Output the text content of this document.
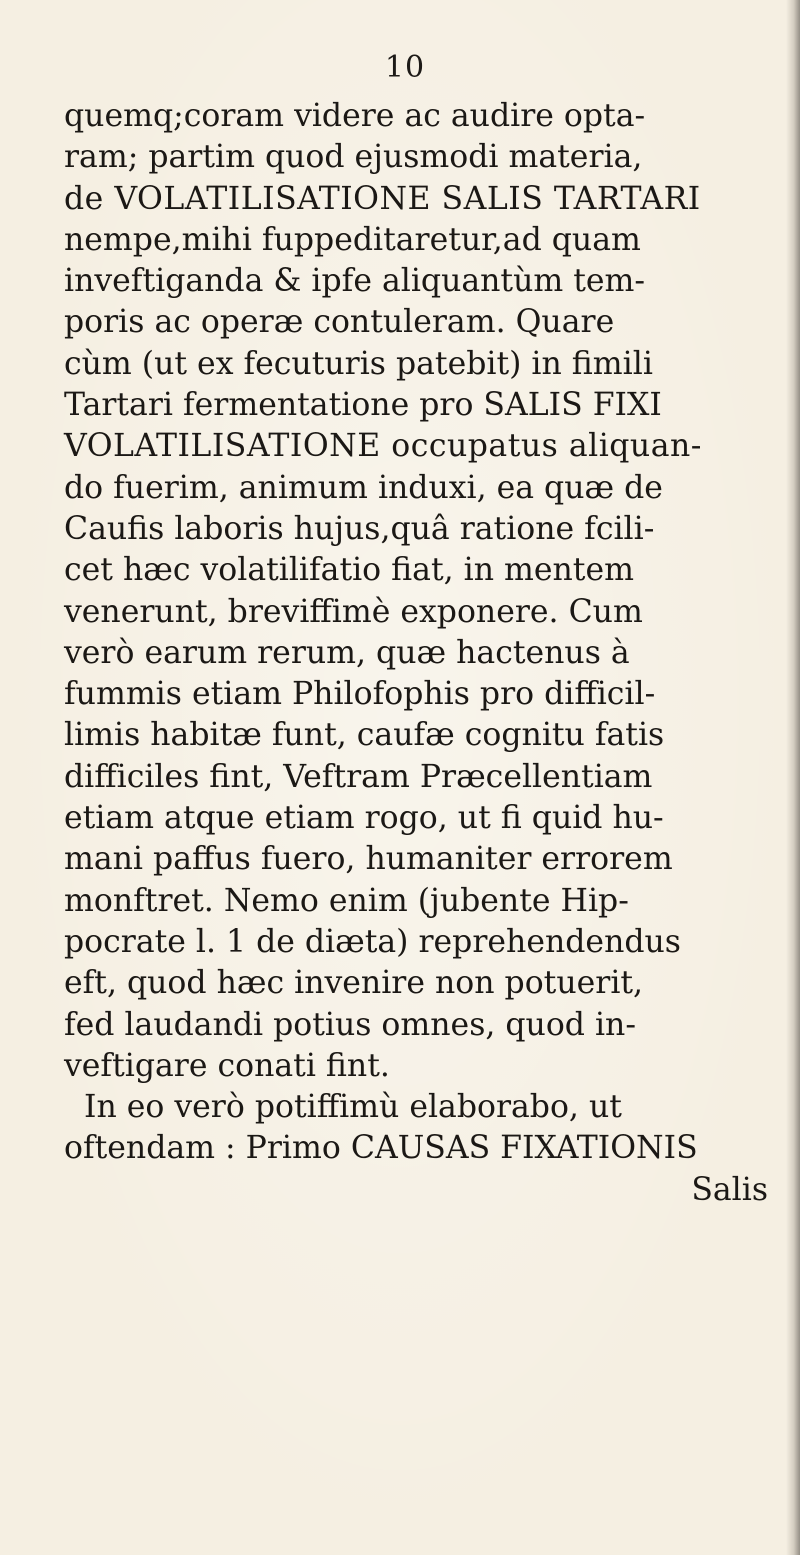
10
quemq;coram videre ac audire opta-
ram; partim quod ejusmodi materia,
de VOLATILISATIONE SALIS TARTARI
nempe,mihi fuppeditaretur,ad quam
inveftiganda & ipfe aliquantùm tem-
poris ac operæ contuleram. Quare
cùm (ut ex fecuturis patebit) in fimili
Tartari fermentatione pro SALIS FIXI
VOLATILISATIONE occupatus aliquan-
do fuerim, animum induxi, ea quæ de
Caufis laboris hujus,quâ ratione fcili-
cet hæc volatilifatio fiat, in mentem
venerunt, breviffimè exponere. Cum
verò earum rerum, quæ hactenus à
fummis etiam Philofophis pro difficil-
limis habitæ funt, caufæ cognitu fatis
difficiles fint, Veftram Præcellentiam
etiam atque etiam rogo, ut fi quid hu-
mani paffus fuero, humaniter errorem
monftret. Nemo enim (jubente Hip-
pocrate l. 1 de diæta) reprehendendus
eft, quod hæc invenire non potuerit,
fed laudandi potius omnes, quod in-
veftigare conati fint.
In eo verò potiffimù elaborabo, ut
oftendam : Primo CAUSAS FIXATIONIS
Salis
